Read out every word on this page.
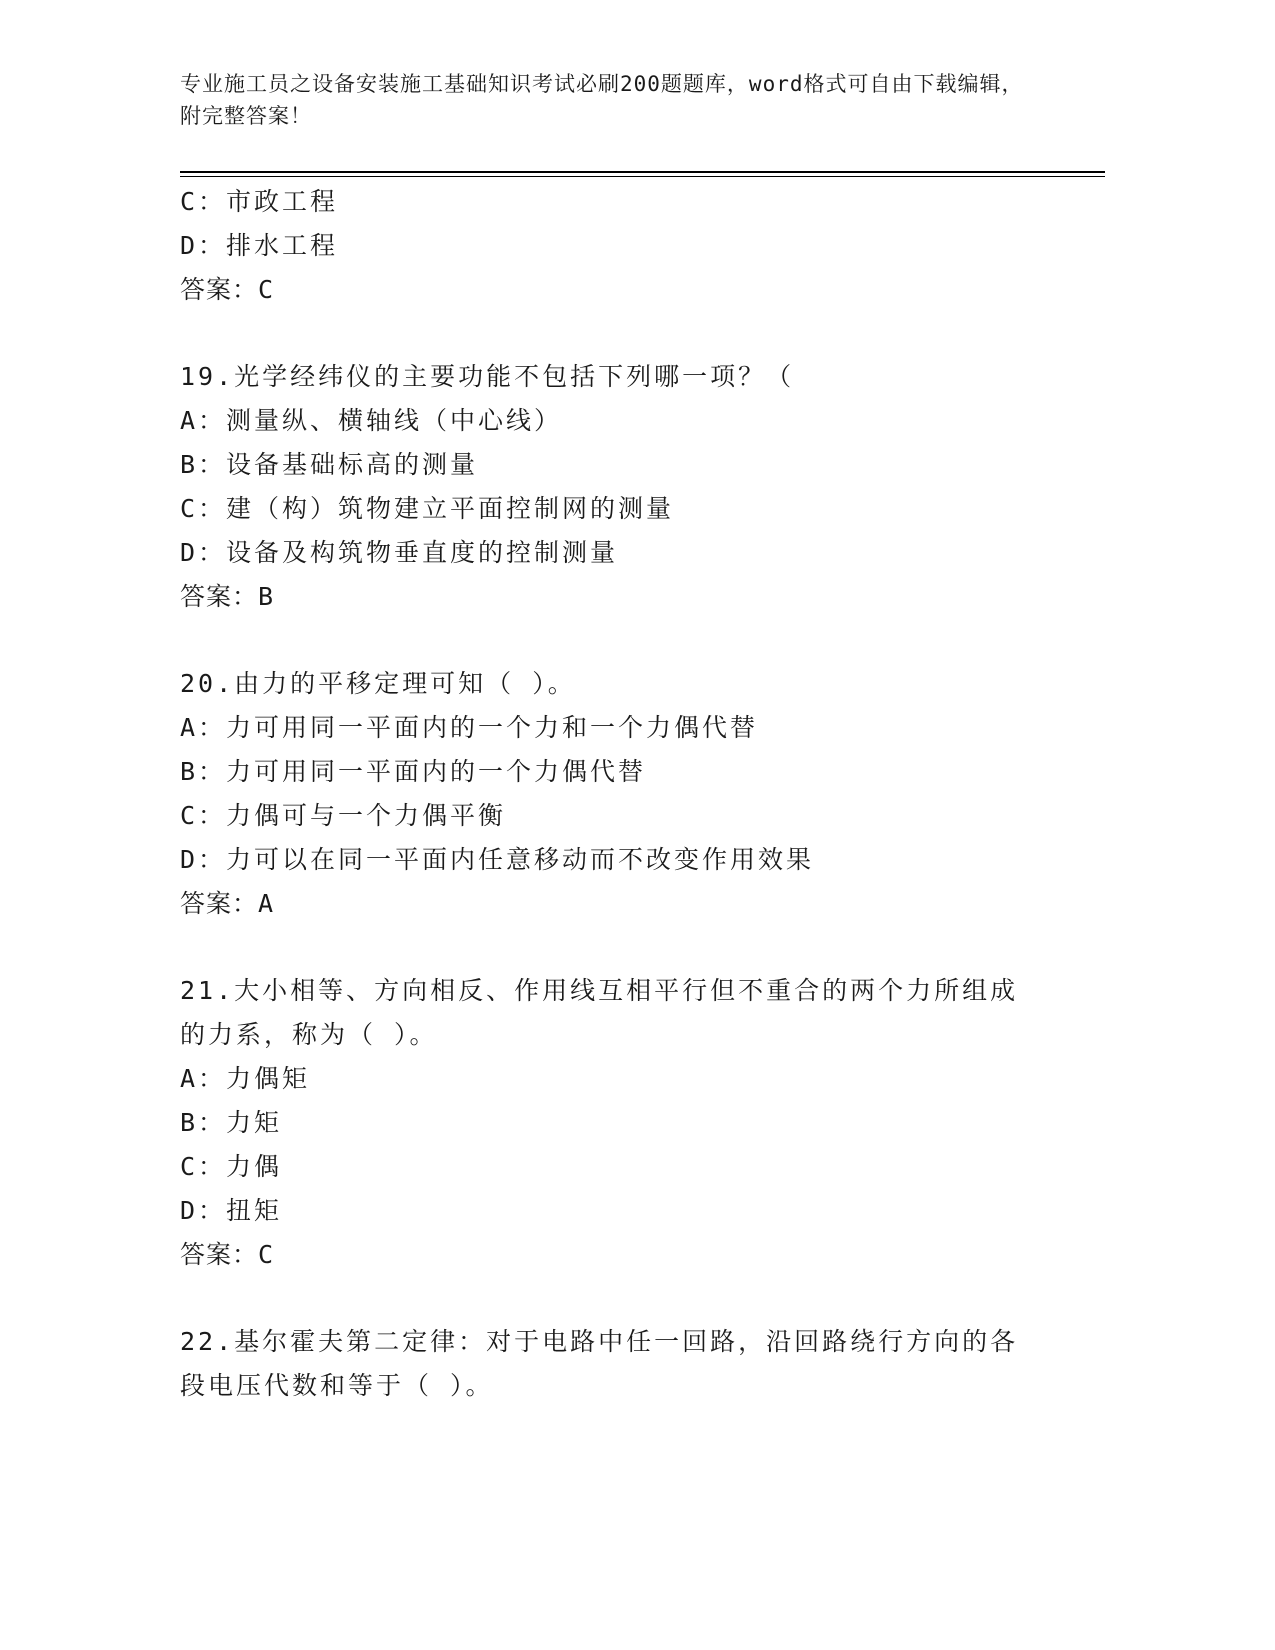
专业施工员之设备安装施工基础知识考试必刷200题题库，word格式可自由下载编辑，附完整答案！
C：市政工程
D：排水工程
答案：C
19.光学经纬仪的主要功能不包括下列哪一项？（
A：测量纵、横轴线（中心线）
B：设备基础标高的测量
C：建（构）筑物建立平面控制网的测量
D：设备及构筑物垂直度的控制测量
答案：B
20.由力的平移定理可知（ ）。
A：力可用同一平面内的一个力和一个力偶代替
B：力可用同一平面内的一个力偶代替
C：力偶可与一个力偶平衡
D：力可以在同一平面内任意移动而不改变作用效果
答案：A
21.大小相等、方向相反、作用线互相平行但不重合的两个力所组成的力系，称为（ ）。
A：力偶矩
B：力矩
C：力偶
D：扭矩
答案：C
22.基尔霍夫第二定律：对于电路中任一回路，沿回路绕行方向的各段电压代数和等于（ ）。
